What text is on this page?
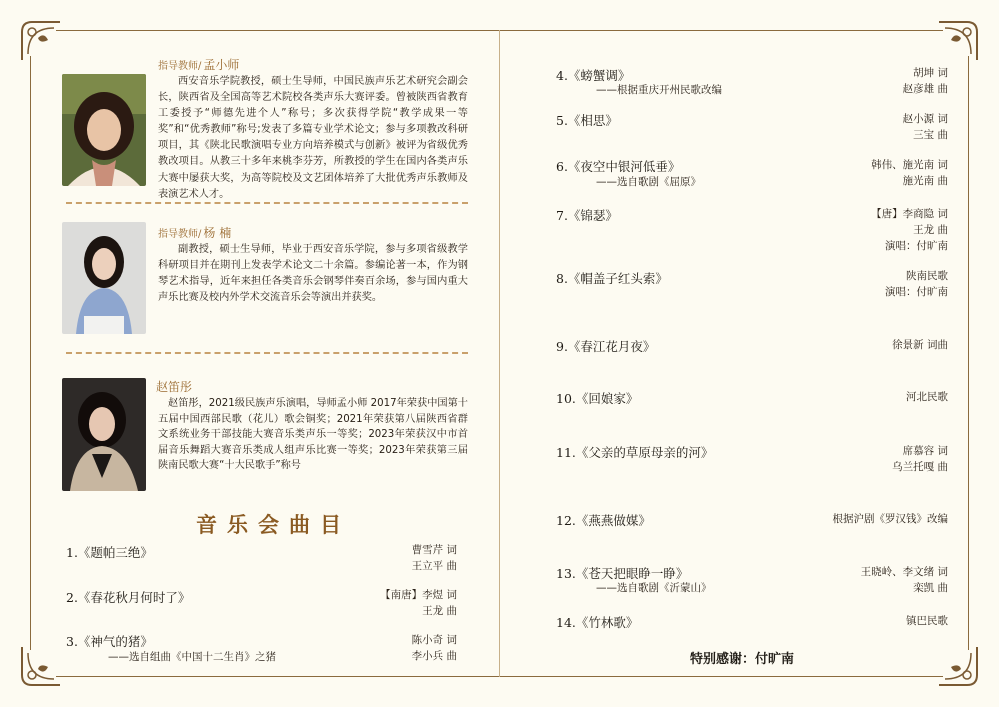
指导教师/ 孟小师
西安音乐学院教授，硕士生导师，中国民族声乐艺术研究会副会长，陕西省及全国高等艺术院校各类声乐大赛评委。曾被陕西省教育工委授予“师德先进个人”称号；多次获得学院“教学成果一等奖”和“优秀教师”称号;发表了多篇专业学术论文；参与多项教改科研项目，其《陕北民歌演唱专业方向培养模式与创新》被评为省级优秀教改项目。从教三十多年来桃李芬芳，所教授的学生在国内各类声乐大赛中屡获大奖，为高等院校及文艺团体培养了大批优秀声乐教师及表演艺术人才。
指导教师/ 杨 楠
副教授，硕士生导师，毕业于西安音乐学院，参与多项省级教学科研项目并在期刊上发表学术论文二十余篇。参编论著一本，作为钢琴艺术指导，近年来担任各类音乐会钢琴伴奏百余场，参与国内重大声乐比赛及校内外学术交流音乐会等演出并获奖。
赵笛彤
赵笛彤，2021级民族声乐演唱，导师孟小师 2017年荣获中国第十五届中国西部民歌（花儿）歌会铜奖；2021年荣获第八届陕西省群文系统业务干部技能大赛音乐类声乐一等奖；2023年荣获汉中市首届音乐舞蹈大赛音乐类成人组声乐比赛一等奖；2023年荣获第三届陕南民歌大赛“十大民歌手”称号
音乐会曲目
1.《题帕三绝》	曹雪芹 词
王立平 曲
2.《春花秋月何时了》	【南唐】李煜 词
王龙 曲
3.《神气的猪》
——选自组曲《中国十二生肖》之猪
陈小奇 词
李小兵 曲
4.《螃蟹调》
——根据重庆开州民歌改编
胡坤 词
赵彦雄 曲
5.《相思》	赵小源 词
三宝 曲
6.《夜空中银河低垂》
——选自歌剧《屈原》
韩伟、施光南 词
施光南 曲
7.《锦瑟》	【唐】李商隐 词
王龙 曲
演唱：付旷南
8.《帽盖子红头索》	陕南民歌
演唱：付旷南
9.《春江花月夜》	徐景新 词曲
10.《回娘家》	河北民歌
11.《父亲的草原母亲的河》	席慕容 词
乌兰托嘎 曲
12.《燕燕做媒》	根据沪剧《罗汉钱》改编
13.《苍天把眼睁一睁》
——选自歌剧《沂蒙山》
王晓岭、李文绪 词
栾凯 曲
14.《竹林歌》	镇巴民歌
特别感谢：付旷南
